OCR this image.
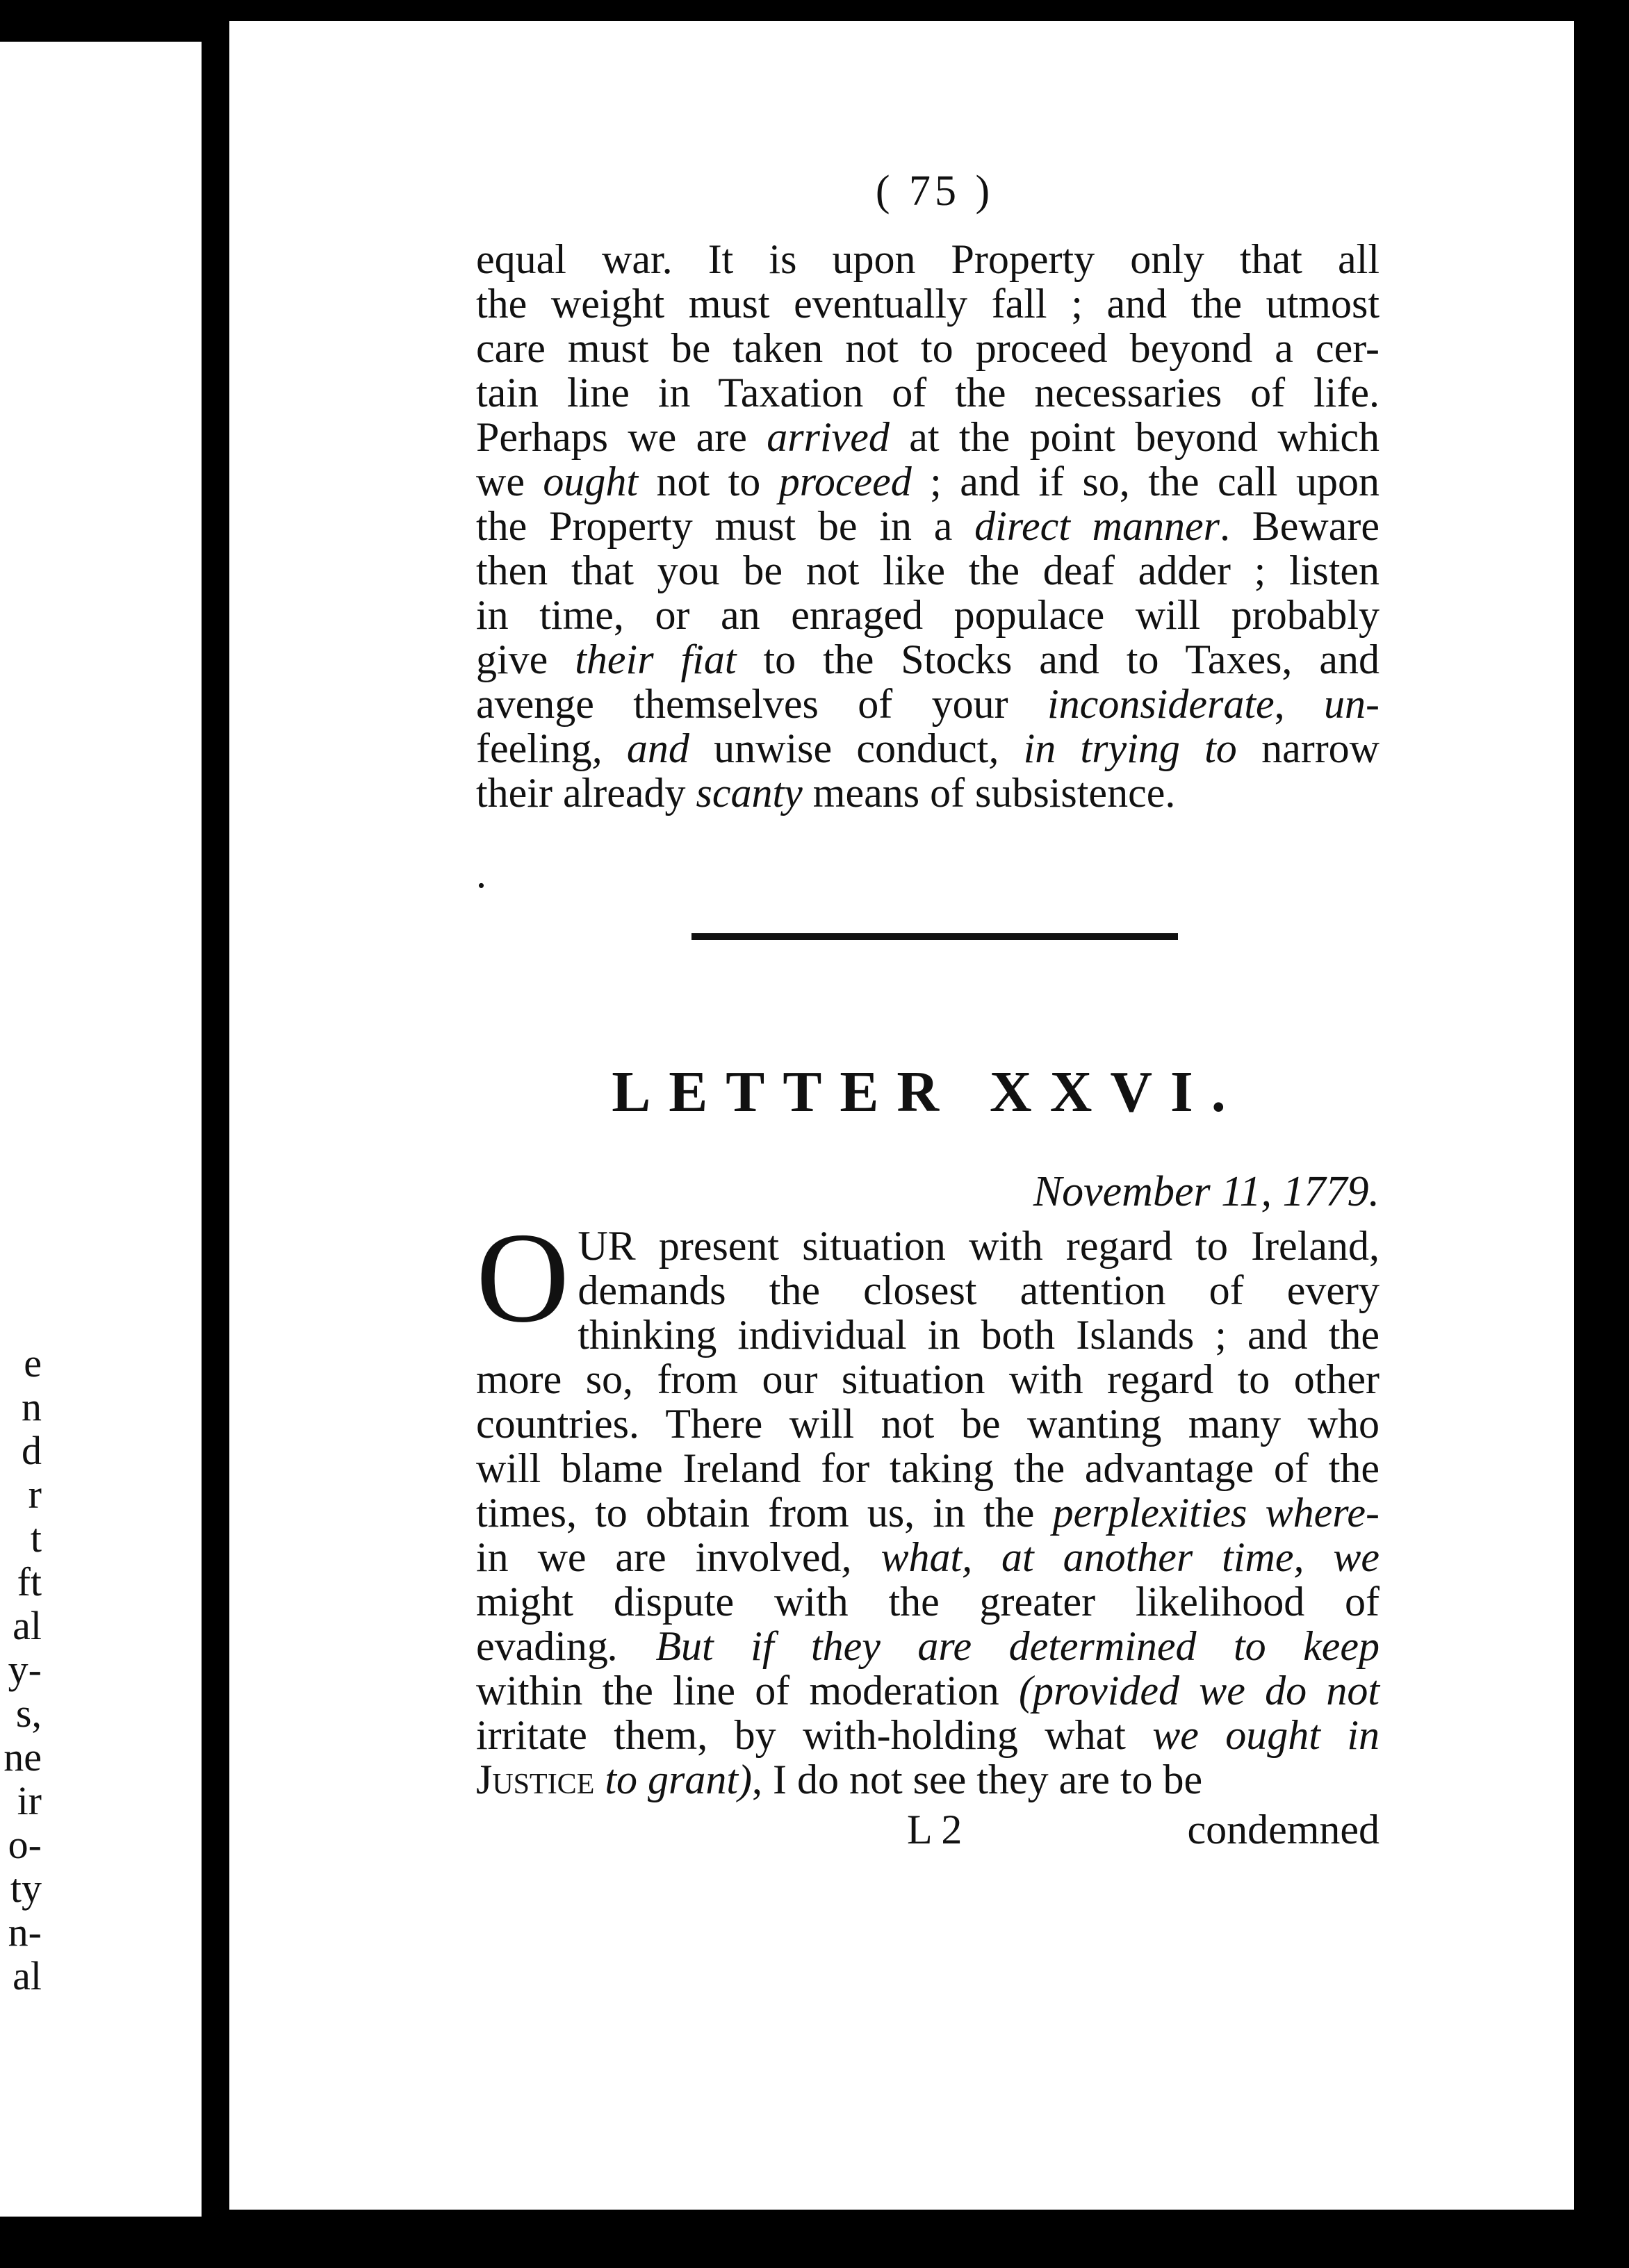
e
n
d
r
t
ft
al
y-
s,
ne
ir
o-
ty
n-
al
( 75 )
equal war. It is upon Property only that all
the weight must eventually fall ; and the utmost
care must be taken not to proceed beyond a cer-
tain line in Taxation of the necessaries of life.
Perhaps we are arrived at the point beyond which
we ought not to proceed ; and if so, the call upon
the Property must be in a direct manner. Beware
then that you be not like the deaf adder ; listen
in time, or an enraged populace will probably
give their fiat to the Stocks and to Taxes, and
avenge themselves of your inconsiderate, un-
feeling, and unwise conduct, in trying to narrow
their already scanty means of subsistence.
.
LETTER XXVI.
November 11, 1779.
O UR present situation with regard to Ireland,
demands the closest attention of every
thinking individual in both Islands ; and the
more so, from our situation with regard to other
countries. There will not be wanting many who
will blame Ireland for taking the advantage of the
times, to obtain from us, in the perplexities where-
in we are involved, what, at another time, we
might dispute with the greater likelihood of
evading. But if they are determined to keep
within the line of moderation (provided we do not
irritate them, by with-holding what we ought in
Justice to grant), I do not see they are to be
L 2	condemned
